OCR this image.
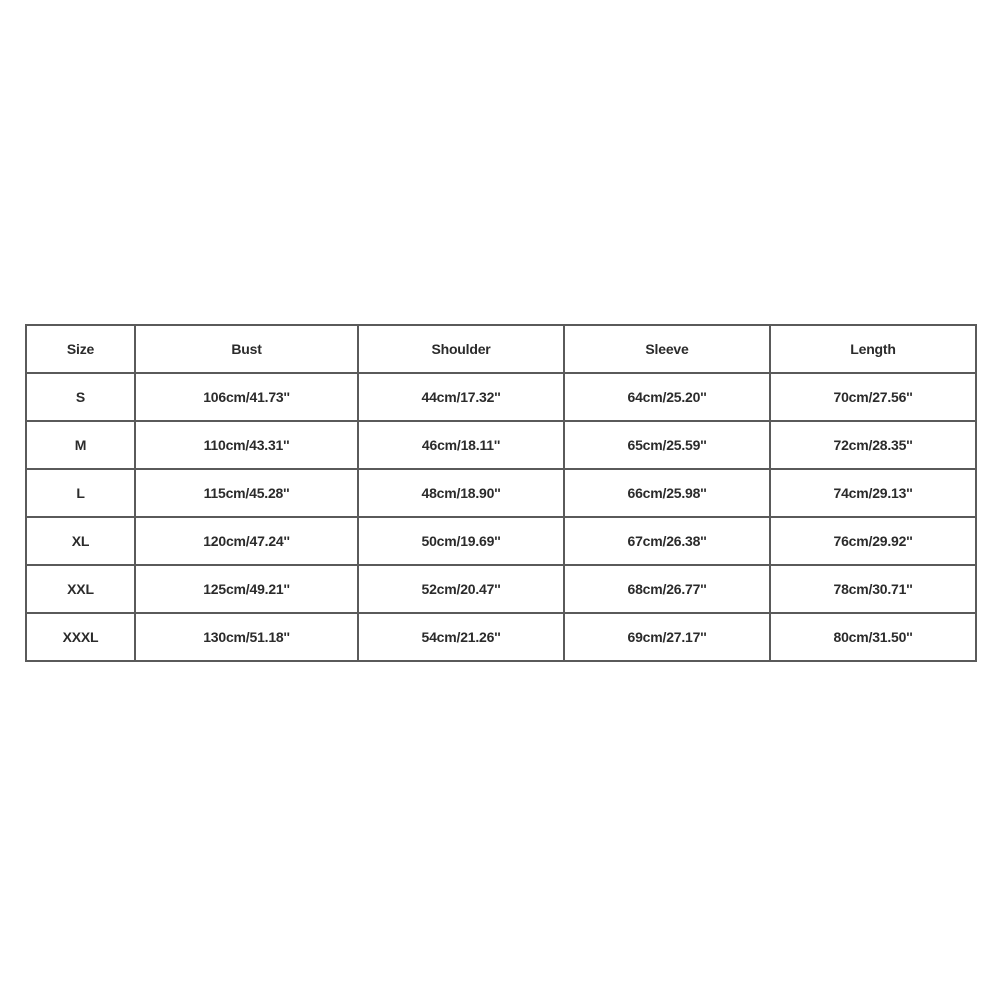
Size	Bust	Shoulder	Sleeve	Length
S	106cm/41.73''	44cm/17.32''	64cm/25.20''	70cm/27.56''
M	110cm/43.31''	46cm/18.11''	65cm/25.59''	72cm/28.35''
L	115cm/45.28''	48cm/18.90''	66cm/25.98''	74cm/29.13''
XL	120cm/47.24''	50cm/19.69''	67cm/26.38''	76cm/29.92''
XXL	125cm/49.21''	52cm/20.47''	68cm/26.77''	78cm/30.71''
XXXL	130cm/51.18''	54cm/21.26''	69cm/27.17''	80cm/31.50''
